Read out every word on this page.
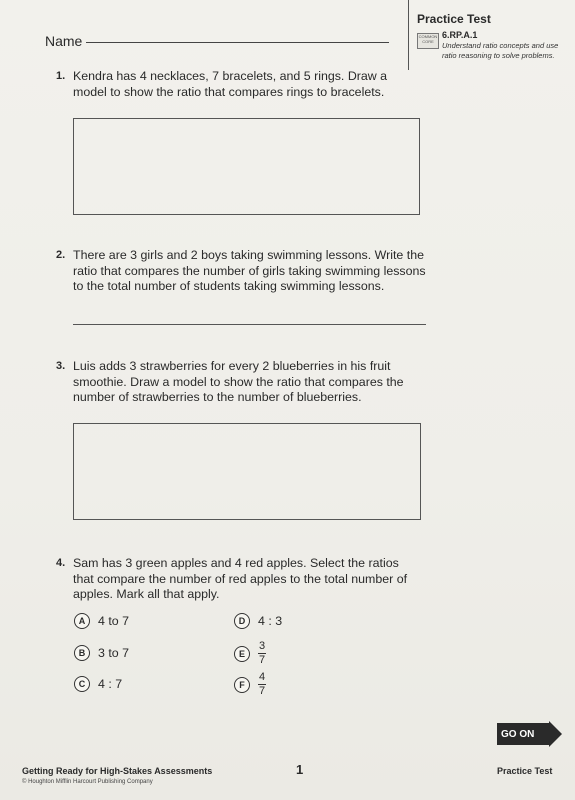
Name
Practice Test
COMMON CORE
6.RP.A.1
Understand ratio concepts and use ratio reasoning to solve problems.
1. Kendra has 4 necklaces, 7 bracelets, and 5 rings. Draw a model to show the ratio that compares rings to bracelets.
2. There are 3 girls and 2 boys taking swimming lessons. Write the ratio that compares the number of girls taking swimming lessons to the total number of students taking swimming lessons.
3. Luis adds 3 strawberries for every 2 blueberries in his fruit smoothie. Draw a model to show the ratio that compares the number of strawberries to the number of blueberries.
4. Sam has 3 green apples and 4 red apples. Select the ratios that compare the number of red apples to the total number of apples. Mark all that apply.
A	4 to 7
B	3 to 7
C	4 : 7
D	4 : 3
E	$\frac{3}{7}$
F	$\frac{4}{7}$
GO ON
Getting Ready for High-Stakes Assessments
© Houghton Mifflin Harcourt Publishing Company
1	Practice Test
